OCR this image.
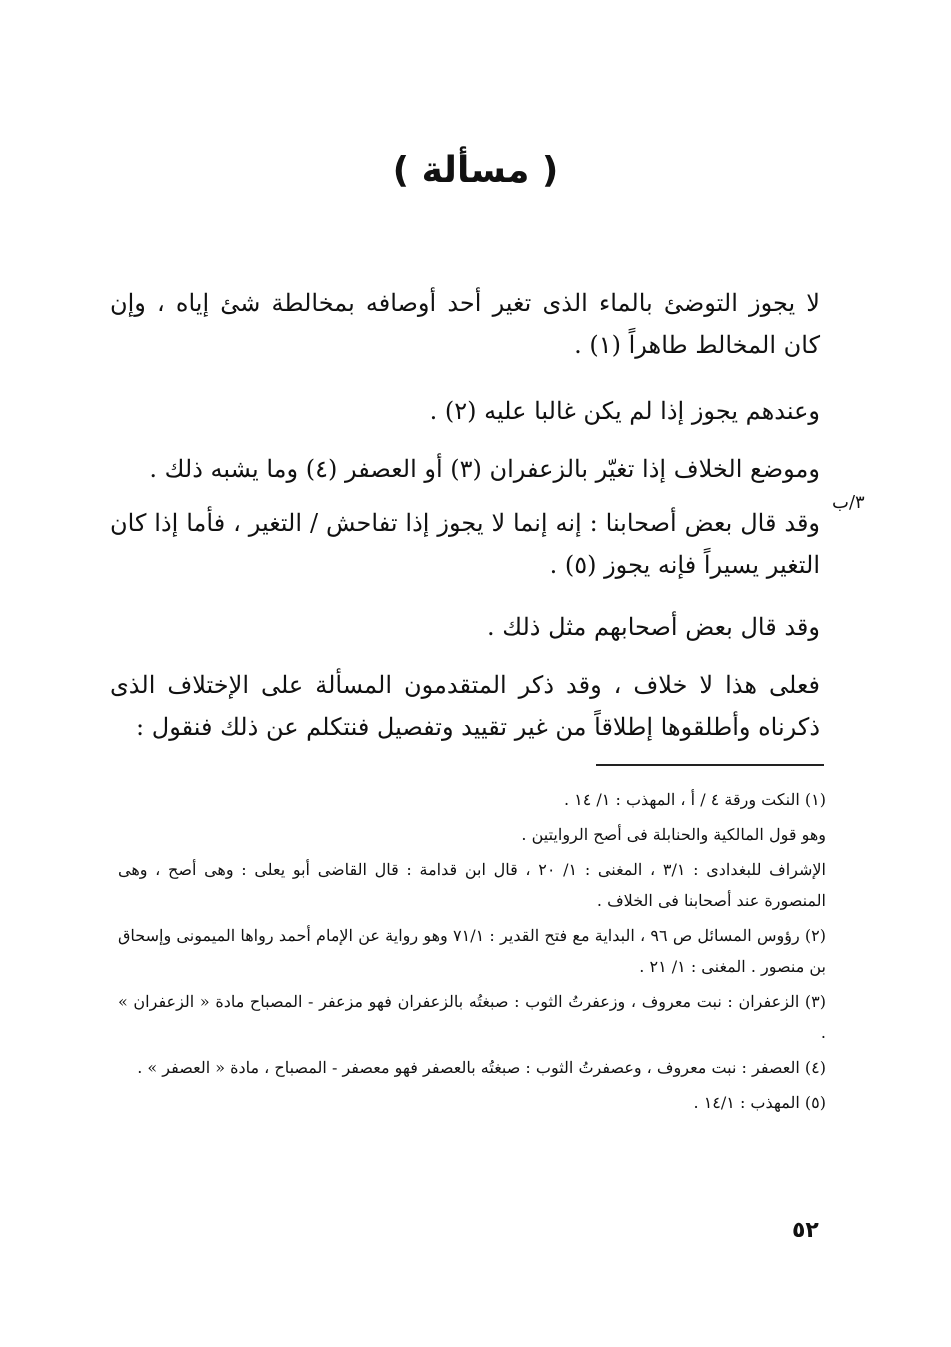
( مسألة )

لا يجوز التوضئ بالماء الذى تغير أحد أوصافه بمخالطة شئ إياه ، وإن كان المخالط طاهراً (١) .

وعندهم يجوز إذا لم يكن غالبا عليه (٢) .

وموضع الخلاف إذا تغيّر بالزعفران (٣) أو العصفر (٤) وما يشبه ذلك .

وقد قال بعض أصحابنا : إنه إنما لا يجوز إذا تفاحش / التغير ، فأما إذا كان التغير يسيراً فإنه يجوز (٥) .

وقد قال بعض أصحابهم مثل ذلك .

فعلى هذا لا خلاف ، وقد ذكر المتقدمون المسألة على الإختلاف الذى ذكرناه وأطلقوها إطلاقاً من غير تقييد وتفصيل فنتكلم عن ذلك فنقول :

٣/ب

(١) النكت ورقة ٤ / أ ، المهذب : ١/ ١٤ .

وهو قول المالكية والحنابلة فى أصح الروايتين .

الإشراف للبغدادى : ٣/١ ، المغنى : ١/ ٢٠ ، قال ابن قدامة : قال القاضى أبو يعلى : وهى أصح ، وهى المنصورة عند أصحابنا فى الخلاف .

(٢) رؤوس المسائل ص ٩٦ ، البداية مع فتح القدير : ٧١/١ وهو رواية عن الإمام أحمد رواها الميمونى وإسحاق بن منصور . المغنى : ١/ ٢١ .

(٣) الزعفران : نبت معروف ، وزعفرتُ الثوب : صبغتُه بالزعفران فهو مزعفر - المصباح مادة « الزعفران » .

(٤) العصفر : نبت معروف ، وعصفرتُ الثوب : صبغتُه بالعصفر فهو معصفر - المصباح ، مادة « العصفر » .

(٥) المهذب : ١٤/١ .

٥٢
